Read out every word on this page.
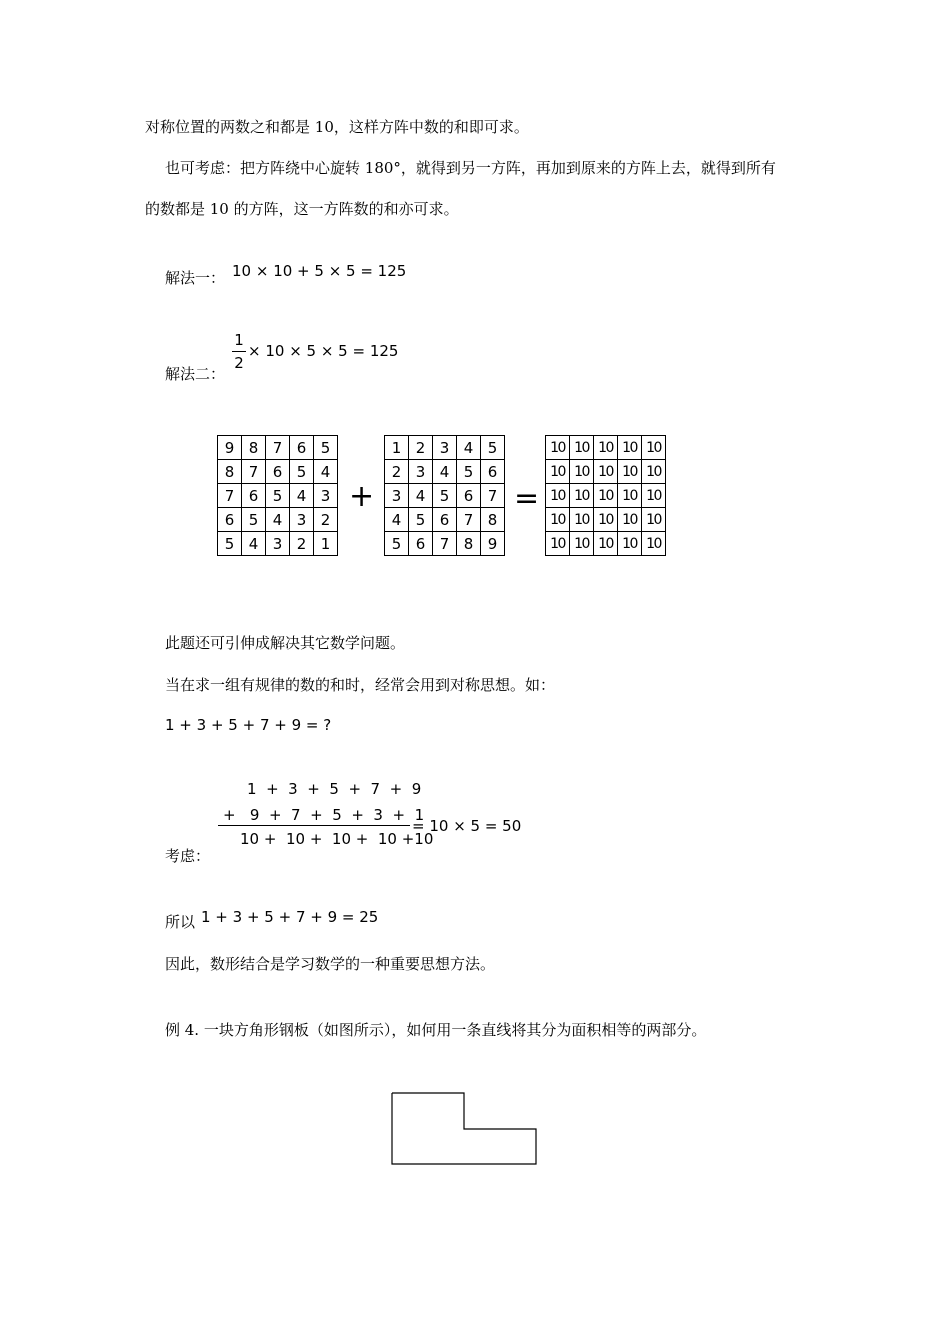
对称位置的两数之和都是 10，这样方阵中数的和即可求。
也可考虑：把方阵绕中心旋转 180°，就得到另一方阵，再加到原来的方阵上去，就得到所有
的数都是 10 的方阵，这一方阵数的和亦可求。
解法一： 10 × 10 + 5 × 5 = 125
1
2
× 10 × 5 × 5 = 125
解法二：
9	8	7	6	5
8	7	6	5	4
7	6	5	4	3
6	5	4	3	2
5	4	3	2	1
+
1	2	3	4	5
2	3	4	5	6
3	4	5	6	7
4	5	6	7	8
5	6	7	8	9
=
10	10	10	10	10
10	10	10	10	10
10	10	10	10	10
10	10	10	10	10
10	10	10	10	10
此题还可引伸成解决其它数学问题。
当在求一组有规律的数的和时，经常会用到对称思想。如：
1 + 3 + 5 + 7 + 9 = ?
1  +  3  +  5  +  7  +  9
+   9  +  7  +  5  +  3  +  1
10 +  10 +  10 +  10 +10
= 10 × 5 = 50
考虑：
所以 1 + 3 + 5 + 7 + 9 = 25
因此，数形结合是学习数学的一种重要思想方法。
例 4. 一块方角形钢板（如图所示），如何用一条直线将其分为面积相等的两部分。
